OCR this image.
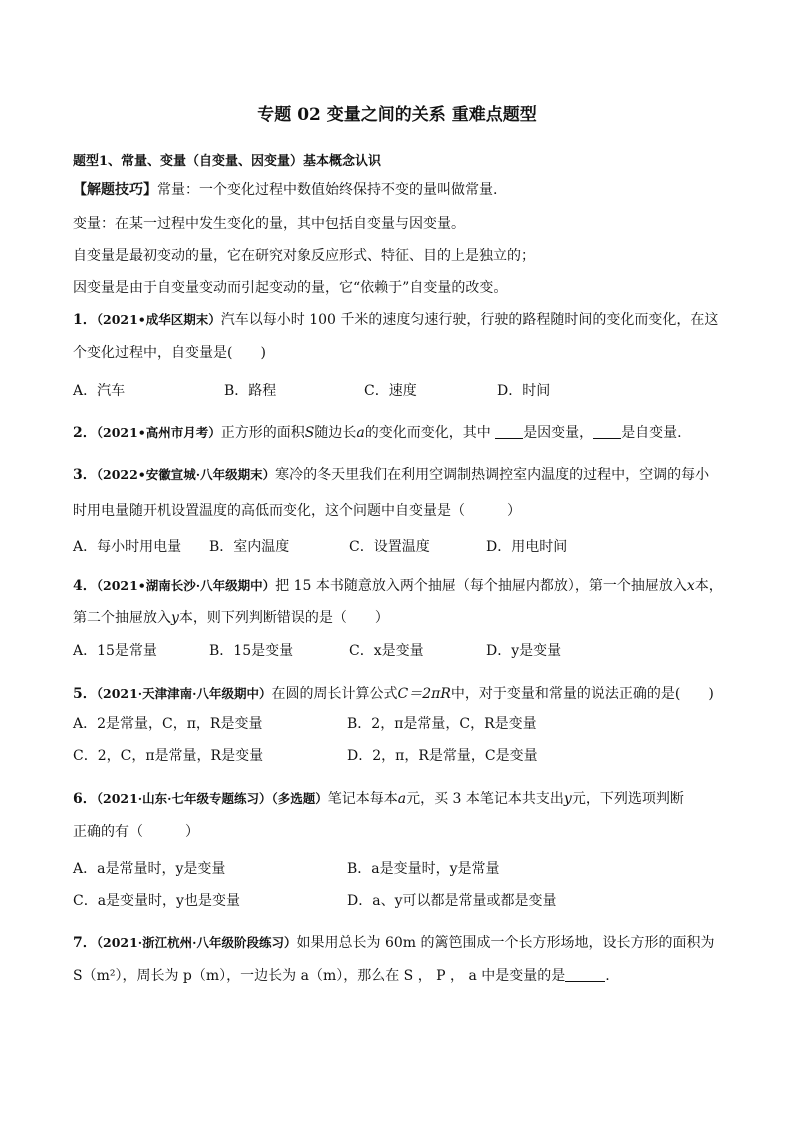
专题 02 变量之间的关系 重难点题型
题型1、常量、变量（自变量、因变量）基本概念认识
【解题技巧】常量：一个变化过程中数值始终保持不变的量叫做常量.
变量：在某一过程中发生变化的量，其中包括自变量与因变量。
自变量是最初变动的量，它在研究对象反应形式、特征、目的上是独立的；
因变量是由于自变量变动而引起变动的量，它“依赖于”自变量的改变。
1．（2021•成华区期末）汽车以每小时 100 千米的速度匀速行驶，行驶的路程随时间的变化而变化，在这
个变化过程中，自变量是(　　)
A．汽车	B．路程	C．速度	D．时间
2．（2021•高州市月考）正方形的面积S随边长a的变化而变化，其中 是因变量， 是自变量.
3．（2022•安徽宣城·八年级期末）寒冷的冬天里我们在利用空调制热调控室内温度的过程中，空调的每小
时用电量随开机设置温度的高低而变化，这个问题中自变量是（　　　）
A．每小时用电量 B．室内温度	C．设置温度	D．用电时间
4．（2021•湖南长沙·八年级期中）把 15 本书随意放入两个抽屉（每个抽屉内都放），第一个抽屉放入x本，
第二个抽屉放入y本，则下列判断错误的是（　　）
A．15是常量	B．15是变量	C．x是变量	D．y是变量
5．（2021·天津津南·八年级期中）在圆的周长计算公式C＝2πR中，对于变量和常量的说法正确的是(　　)
A．2是常量，C，π，R是变量	B．2，π是常量，C，R是变量
C．2，C，π是常量，R是变量	D．2，π，R是常量，C是变量
6．（2021·山东·七年级专题练习）（多选题）笔记本每本a元，买 3 本笔记本共支出y元，下列选项判断
正确的有（　　　）
A．a是常量时，y是变量	B．a是变量时，y是常量
C．a是变量时，y也是变量	D．a、y可以都是常量或都是变量
7．（2021·浙江杭州·八年级阶段练习）如果用总长为 60m 的篱笆围成一个长方形场地，设长方形的面积为
S（m²），周长为 p（m），一边长为 a（m），那么在 S ， P ， a 中是变量的是	.
